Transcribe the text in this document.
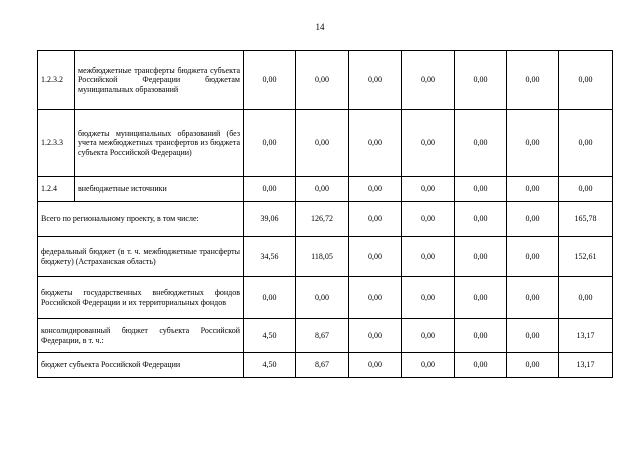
14
1.2.3.2	межбюджетные трансферты бюджета субъекта Российской Федерации бюджетам муниципальных образований	0,00	0,00	0,00	0,00	0,00	0,00	0,00
1.2.3.3	бюджеты муниципальных образований (без учета межбюджетных трансфертов из бюджета субъекта Российской Федерации)	0,00	0,00	0,00	0,00	0,00	0,00	0,00
1.2.4	внебюджетные источники	0,00	0,00	0,00	0,00	0,00	0,00	0,00
Всего по региональному проекту, в том числе:		39,06	126,72	0,00	0,00	0,00	0,00	165,78
федеральный бюджет (в т. ч. межбюджетные трансферты бюджету) (Астраханская область)		34,56	118,05	0,00	0,00	0,00	0,00	152,61
бюджеты государственных внебюджетных фондов Российской Федерации и их территориальных фондов		0,00	0,00	0,00	0,00	0,00	0,00	0,00
консолидированный бюджет субъекта Российской Федерации, в т. ч.:		4,50	8,67	0,00	0,00	0,00	0,00	13,17
бюджет субъекта Российской Федерации		4,50	8,67	0,00	0,00	0,00	0,00	13,17
